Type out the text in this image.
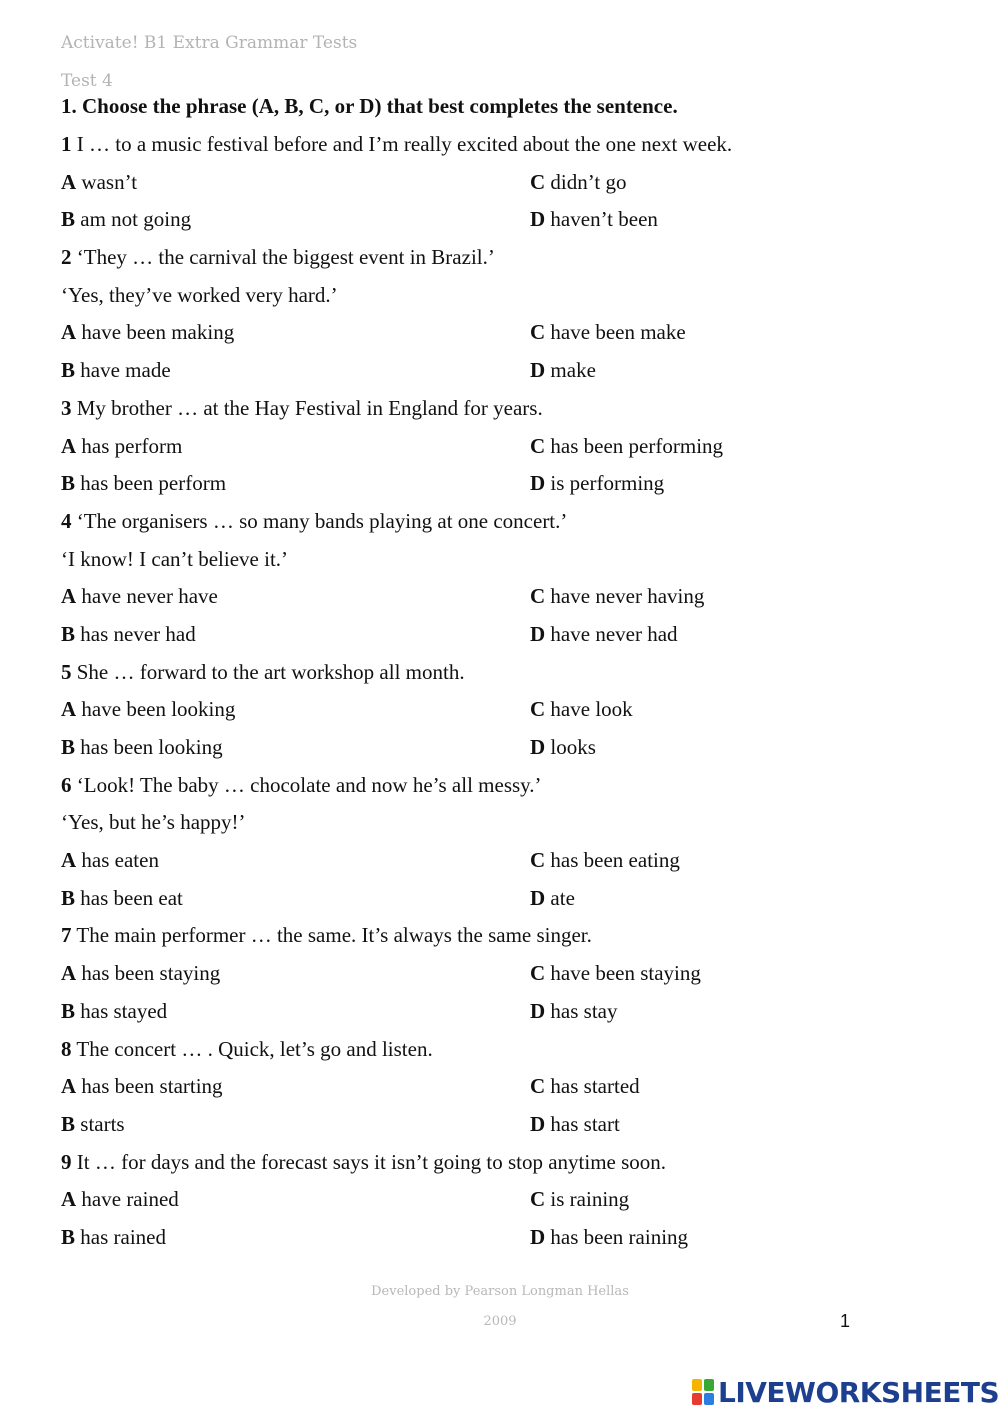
Activate! B1 Extra Grammar Tests
Test 4
1. Choose the phrase (A, B, C, or D) that best completes the sentence.
1 I … to a music festival before and I’m really excited about the one next week.
A wasn’t	C didn’t go
B am not going	D haven’t been
2 ‘They … the carnival the biggest event in Brazil.’
‘Yes, they’ve worked very hard.’
A have been making	C have been make
B have made	D make
3 My brother … at the Hay Festival in England for years.
A has perform	C has been performing
B has been perform	D is performing
4 ‘The organisers … so many bands playing at one concert.’
‘I know! I can’t believe it.’
A have never have	C have never having
B has never had	D have never had
5 She … forward to the art workshop all month.
A have been looking	C have look
B has been looking	D looks
6 ‘Look! The baby … chocolate and now he’s all messy.’
‘Yes, but he’s happy!’
A has eaten	C has been eating
B has been eat	D ate
7 The main performer … the same. It’s always the same singer.
A has been staying	C have been staying
B has stayed	D has stay
8 The concert … . Quick, let’s go and listen.
A has been starting	C has started
B starts	D has start
9 It … for days and the forecast says it isn’t going to stop anytime soon.
A have rained	C is raining
B has rained	D has been raining
Developed by Pearson Longman Hellas
2009	1
LIVEWORKSHEETS
